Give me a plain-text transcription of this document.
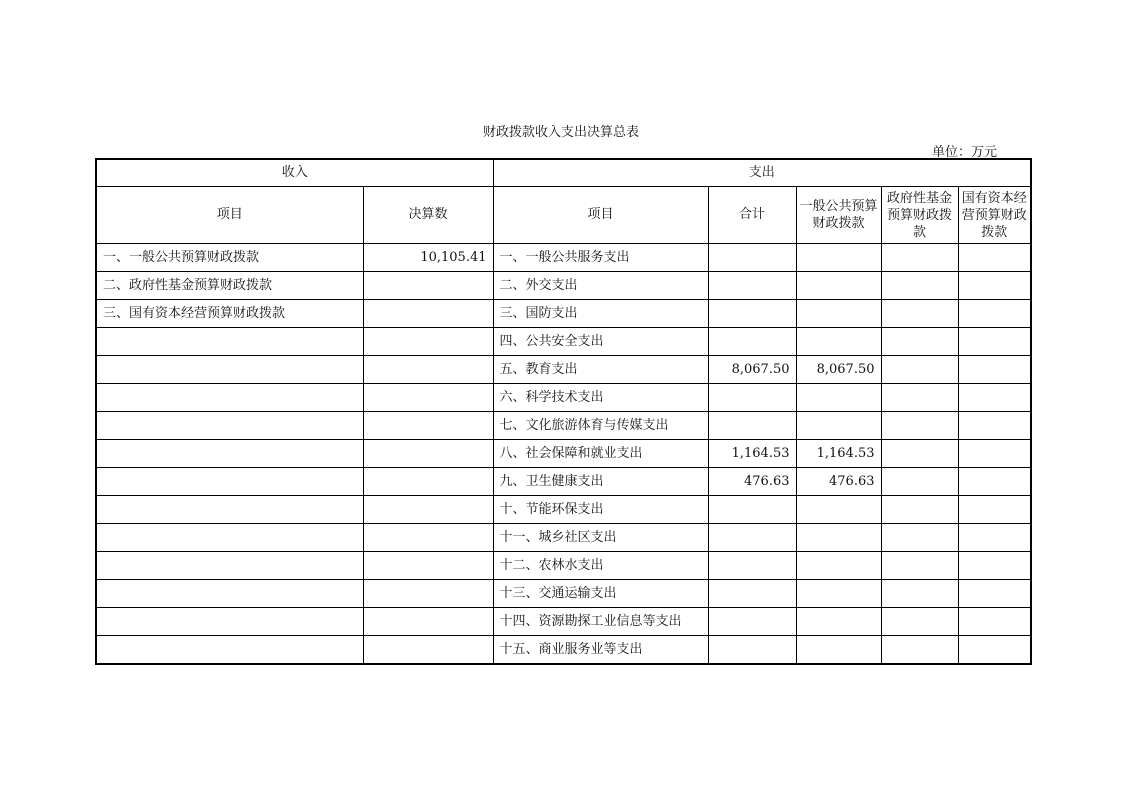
财政拨款收入支出决算总表
单位：万元
收入		支出				
项目	决算数	项目	合计	一般公共预算财政拨款	政府性基金预算财政拨款	国有资本经营预算财政拨款
一、一般公共预算财政拨款	10,105.41	一、一般公共服务支出				
二、政府性基金预算财政拨款		二、外交支出				
三、国有资本经营预算财政拨款		三、国防支出				
		四、公共安全支出				
		五、教育支出	8,067.50	8,067.50		
		六、科学技术支出				
		七、文化旅游体育与传媒支出				
		八、社会保障和就业支出	1,164.53	1,164.53		
		九、卫生健康支出	476.63	476.63		
		十、节能环保支出				
		十一、城乡社区支出				
		十二、农林水支出				
		十三、交通运输支出				
		十四、资源勘探工业信息等支出				
		十五、商业服务业等支出				
